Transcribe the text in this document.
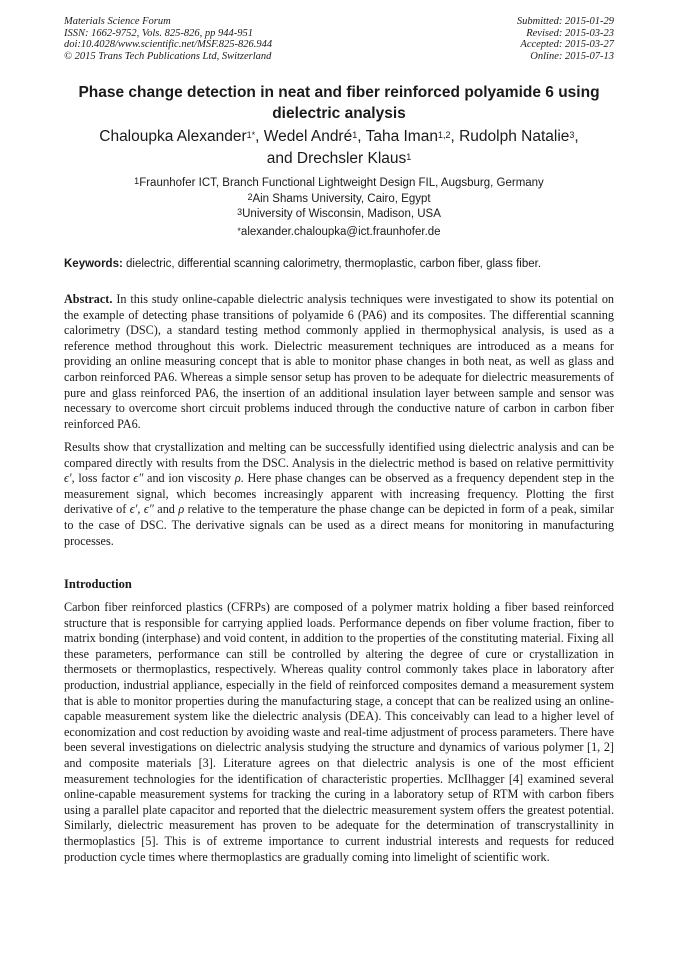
Materials Science Forum
ISSN: 1662-9752, Vols. 825-826, pp 944-951
doi:10.4028/www.scientific.net/MSF.825-826.944
© 2015 Trans Tech Publications Ltd, Switzerland
Submitted: 2015-01-29
Revised: 2015-03-23
Accepted: 2015-03-27
Online: 2015-07-13
Phase change detection in neat and fiber reinforced polyamide 6 using dielectric analysis
Chaloupka Alexander$^{1*}$, Wedel André$^1$, Taha Iman$^{1,2}$, Rudolph Natalie$^3$,
and Drechsler Klaus$^1$
$^1$Fraunhofer ICT, Branch Functional Lightweight Design FIL, Augsburg, Germany
$^2$Ain Shams University, Cairo, Egypt
$^3$University of Wisconsin, Madison, USA
*alexander.chaloupka@ict.fraunhofer.de
Keywords: dielectric, differential scanning calorimetry, thermoplastic, carbon fiber, glass fiber.
Abstract. In this study online-capable dielectric analysis techniques were investigated to show its potential on the example of detecting phase transitions of polyamide 6 (PA6) and its composites. The differential scanning calorimetry (DSC), a standard testing method commonly applied in thermophysical analysis, is used as a reference method throughout this work. Dielectric measurement techniques are introduced as a means for providing an online measuring concept that is able to monitor phase changes in both neat, as well as glass and carbon reinforced PA6. Whereas a simple sensor setup has proven to be adequate for dielectric measurements of pure and glass reinforced PA6, the insertion of an additional insulation layer between sample and sensor was necessary to overcome short circuit problems induced through the conductive nature of carbon in carbon fiber reinforced PA6.
Results show that crystallization and melting can be successfully identified using dielectric analysis and can be compared directly with results from the DSC. Analysis in the dielectric method is based on relative permittivity ϵ′, loss factor ϵ″ and ion viscosity ρ. Here phase changes can be observed as a frequency dependent step in the measurement signal, which becomes increasingly apparent with increasing frequency. Plotting the first derivative of ϵ′, ϵ″ and ρ relative to the temperature the phase change can be depicted in form of a peak, similar to the case of DSC. The derivative signals can be used as a direct means for monitoring in manufacturing processes.
Introduction
Carbon fiber reinforced plastics (CFRPs) are composed of a polymer matrix holding a fiber based reinforced structure that is responsible for carrying applied loads. Performance depends on fiber volume fraction, fiber to matrix bonding (interphase) and void content, in addition to the properties of the constituting material. Fixing all these parameters, performance can still be controlled by altering the degree of cure or crystallization in thermosets or thermoplastics, respectively. Whereas quality control commonly takes place in laboratory after production, industrial appliance, especially in the field of reinforced composites demand a measurement system that is able to monitor properties during the manufacturing stage, a concept that can be realized using an online-capable measurement system like the dielectric analysis (DEA). This conceivably can lead to a higher level of economization and cost reduction by avoiding waste and real-time adjustment of process parameters. There have been several investigations on dielectric analysis studying the structure and dynamics of various polymer [1, 2] and composite materials [3]. Literature agrees on that dielectric analysis is one of the most efficient measurement technologies for the identification of characteristic properties. McIlhagger [4] examined several online-capable measurement systems for tracking the curing in a laboratory setup of RTM with carbon fibers using a parallel plate capacitor and reported that the dielectric measurement system offers the greatest potential. Similarly, dielectric measurement has proven to be adequate for the determination of transcrystallinity in thermoplastics [5]. This is of extreme importance to current industrial interests and requests for reduced production cycle times where thermoplastics are gradually coming into limelight of scientific work.
